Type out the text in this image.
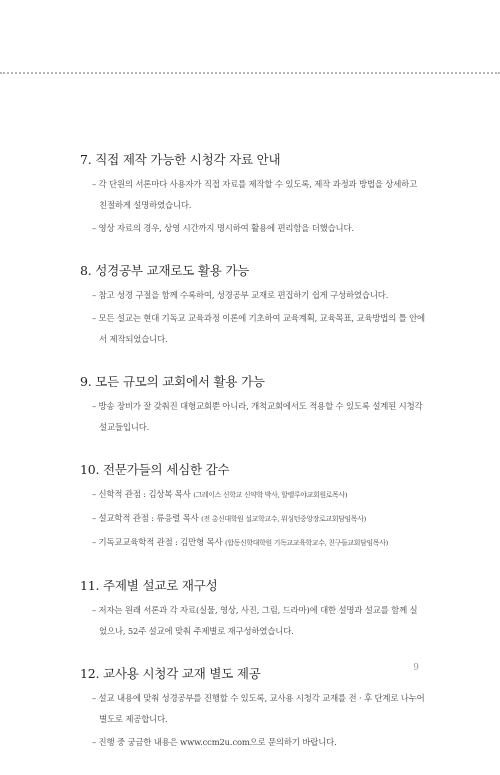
7. 직접 제작 가능한 시청각 자료 안내

– 각 단원의 서론마다 사용자가 직접 자료를 제작할 수 있도록, 제작 과정과 방법을 상세하고 친절하게 설명하였습니다.

– 영상 자료의 경우, 상영 시간까지 명시하여 활용에 편리함을 더했습니다.

8. 성경공부 교재로도 활용 가능

– 참고 성경 구절을 함께 수록하여, 성경공부 교재로 편집하기 쉽게 구성하였습니다.

– 모든 설교는 현대 기독교 교육과정 이론에 기초하여 교육계획, 교육목표, 교육방법의 틀 안에서 제작되었습니다.

9. 모든 규모의 교회에서 활용 가능

– 방송 장비가 잘 갖춰진 대형교회뿐 아니라, 개척교회에서도 적용할 수 있도록 설계된 시청각 설교들입니다.

10. 전문가들의 세심한 감수

– 신학적 관점 : 김상복 목사 (그레이스 신학교 신약학 박사, 할렐루야교회원로목사)

– 설교학적 관점 : 류응렬 목사 (전 총신대학원 설교학교수, 워싱턴중앙장로교회담임목사)

– 기독교교육학적 관점 : 김만형 목사 (합동신학대학원 기독교교육학교수, 친구들교회담임목사)

11. 주제별 설교로 재구성

– 저자는 원래 서론과 각 자료(실물, 영상, 사진, 그림, 드라마)에 대한 설명과 설교를 함께 실었으나, 52주 설교에 맞춰 주제별로 재구성하였습니다.

12. 교사용 시청각 교재 별도 제공

– 설교 내용에 맞춰 성경공부를 진행할 수 있도록, 교사용 시청각 교재를 전 · 후 단계로 나누어 별도로 제공합니다.

– 진행 중 궁금한 내용은 www.ccm2u.com으로 문의하기 바랍니다.

9
